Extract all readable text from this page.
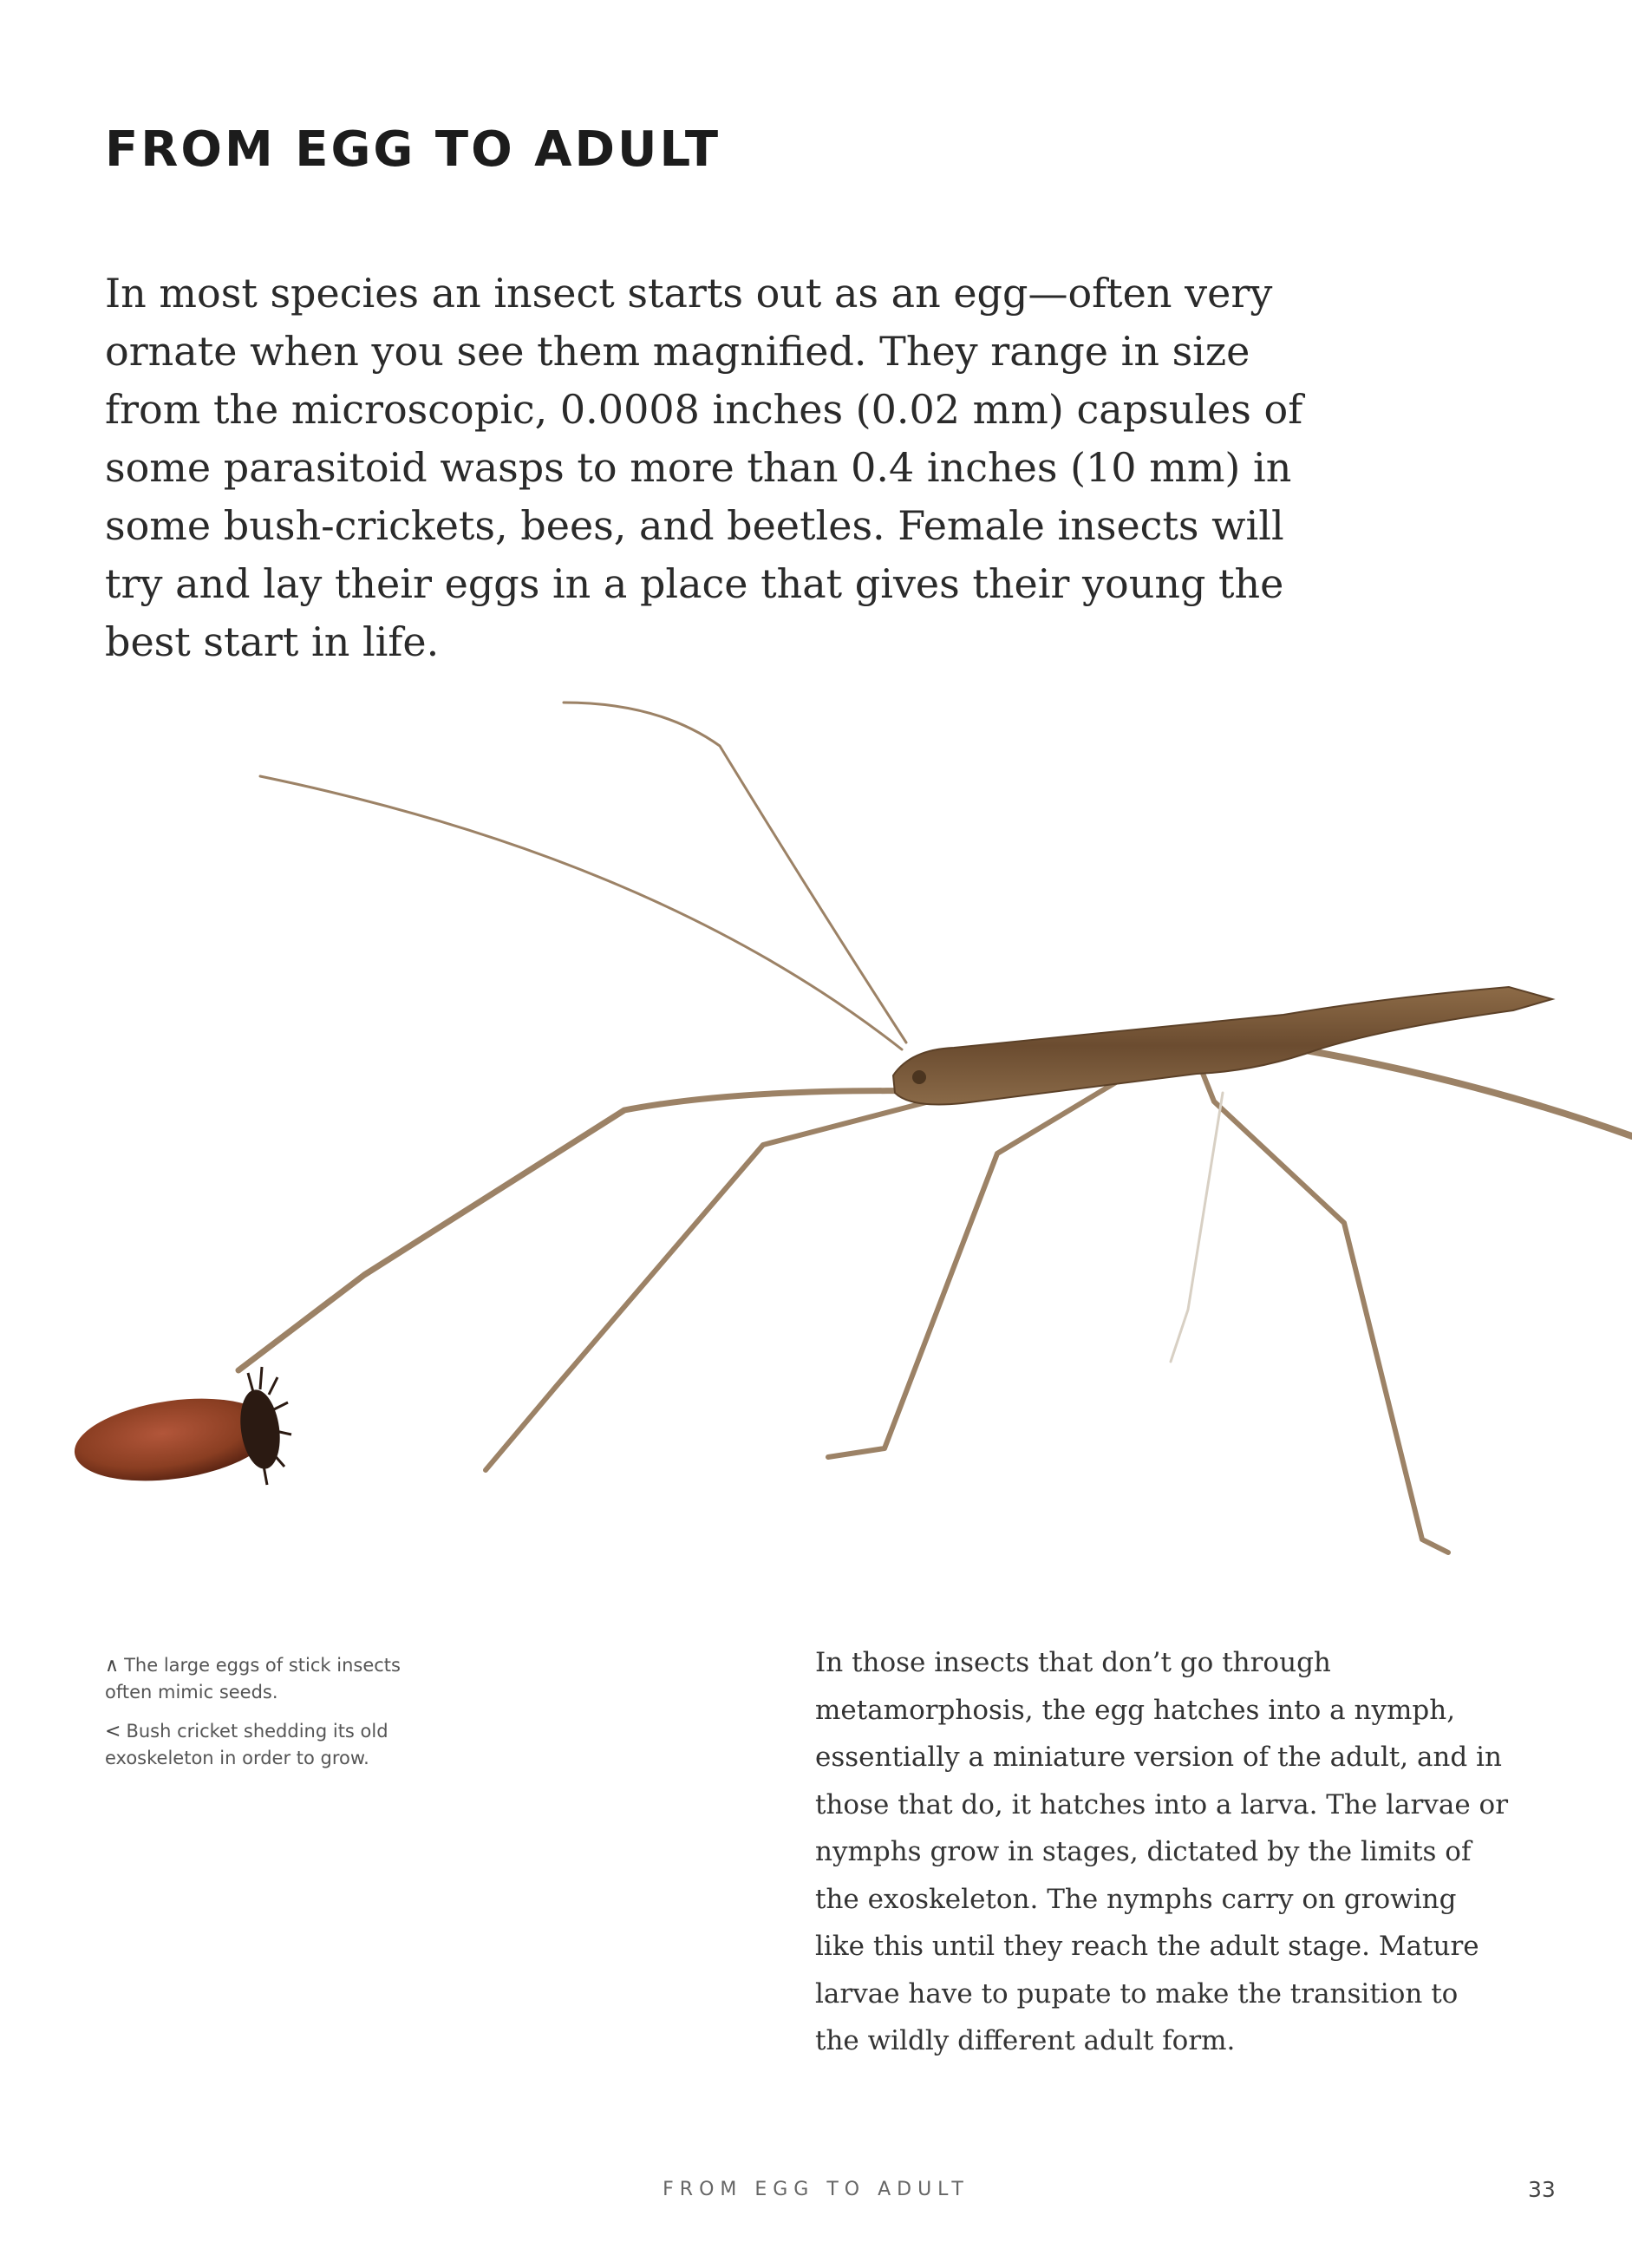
FROM EGG TO ADULT

In most species an insect starts out as an egg—often very ornate when you see them magnified. They range in size from the microscopic, 0.0008 inches (0.02 mm) capsules of some parasitoid wasps to more than 0.4 inches (10 mm) in some bush-crickets, bees, and beetles. Female insects will try and lay their eggs in a place that gives their young the best start in life.

∧ The large eggs of stick insects often mimic seeds.

< Bush cricket shedding its old exoskeleton in order to grow.

In those insects that don’t go through metamorphosis, the egg hatches into a nymph, essentially a miniature version of the adult, and in those that do, it hatches into a larva. The larvae or nymphs grow in stages, dictated by the limits of the exoskeleton. The nymphs carry on growing like this until they reach the adult stage. Mature larvae have to pupate to make the transition to the wildly different adult form.

FROM EGG TO ADULT	33
